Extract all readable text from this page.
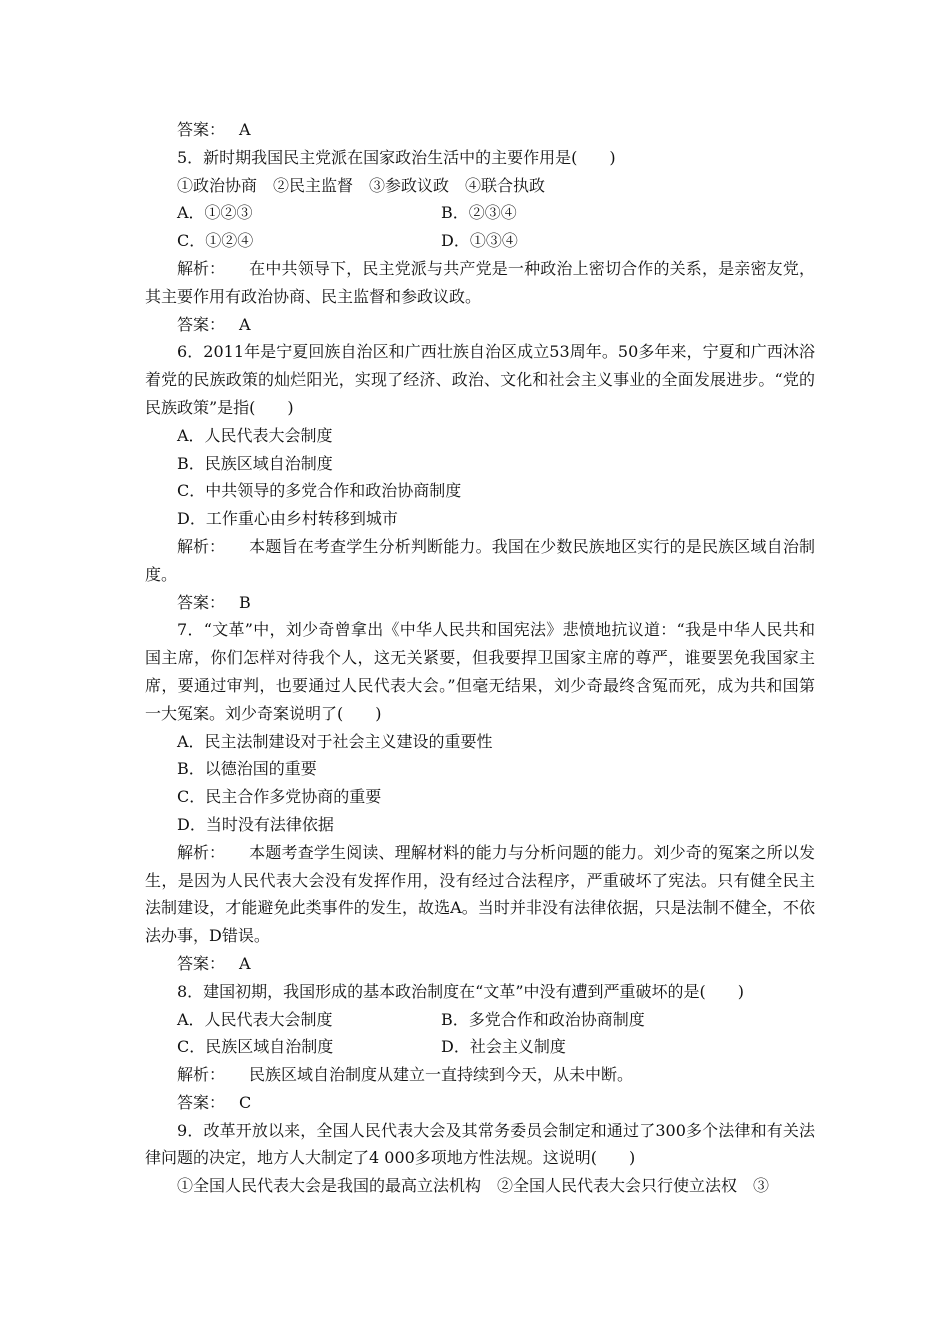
答案： A
5．新时期我国民主党派在国家政治生活中的主要作用是(　　)
①政治协商　②民主监督　③参政议政　④联合执政
A．①②③	B．②③④
C．①②④	D．①③④
解析： 在中共领导下，民主党派与共产党是一种政治上密切合作的关系，是亲密友党，其主要作用有政治协商、民主监督和参政议政。
答案： A
6．2011年是宁夏回族自治区和广西壮族自治区成立53周年。50多年来，宁夏和广西沐浴着党的民族政策的灿烂阳光，实现了经济、政治、文化和社会主义事业的全面发展进步。“党的民族政策”是指(　　)
A．人民代表大会制度
B．民族区域自治制度
C．中共领导的多党合作和政治协商制度
D．工作重心由乡村转移到城市
解析： 本题旨在考查学生分析判断能力。我国在少数民族地区实行的是民族区域自治制度。
答案： B
7．“文革”中，刘少奇曾拿出《中华人民共和国宪法》悲愤地抗议道：“我是中华人民共和国主席，你们怎样对待我个人，这无关紧要，但我要捍卫国家主席的尊严，谁要罢免我国家主席，要通过审判，也要通过人民代表大会。”但毫无结果，刘少奇最终含冤而死，成为共和国第一大冤案。刘少奇案说明了(　　)
A．民主法制建设对于社会主义建设的重要性
B．以德治国的重要
C．民主合作多党协商的重要
D．当时没有法律依据
解析： 本题考查学生阅读、理解材料的能力与分析问题的能力。刘少奇的冤案之所以发生，是因为人民代表大会没有发挥作用，没有经过合法程序，严重破坏了宪法。只有健全民主法制建设，才能避免此类事件的发生，故选A。当时并非没有法律依据，只是法制不健全，不依法办事，D错误。
答案： A
8．建国初期，我国形成的基本政治制度在“文革”中没有遭到严重破坏的是(　　)
A．人民代表大会制度	B．多党合作和政治协商制度
C．民族区域自治制度	D．社会主义制度
解析： 民族区域自治制度从建立一直持续到今天，从未中断。
答案： C
9．改革开放以来，全国人民代表大会及其常务委员会制定和通过了300多个法律和有关法律问题的决定，地方人大制定了4 000多项地方性法规。这说明(　　)
①全国人民代表大会是我国的最高立法机构　②全国人民代表大会只行使立法权　③
